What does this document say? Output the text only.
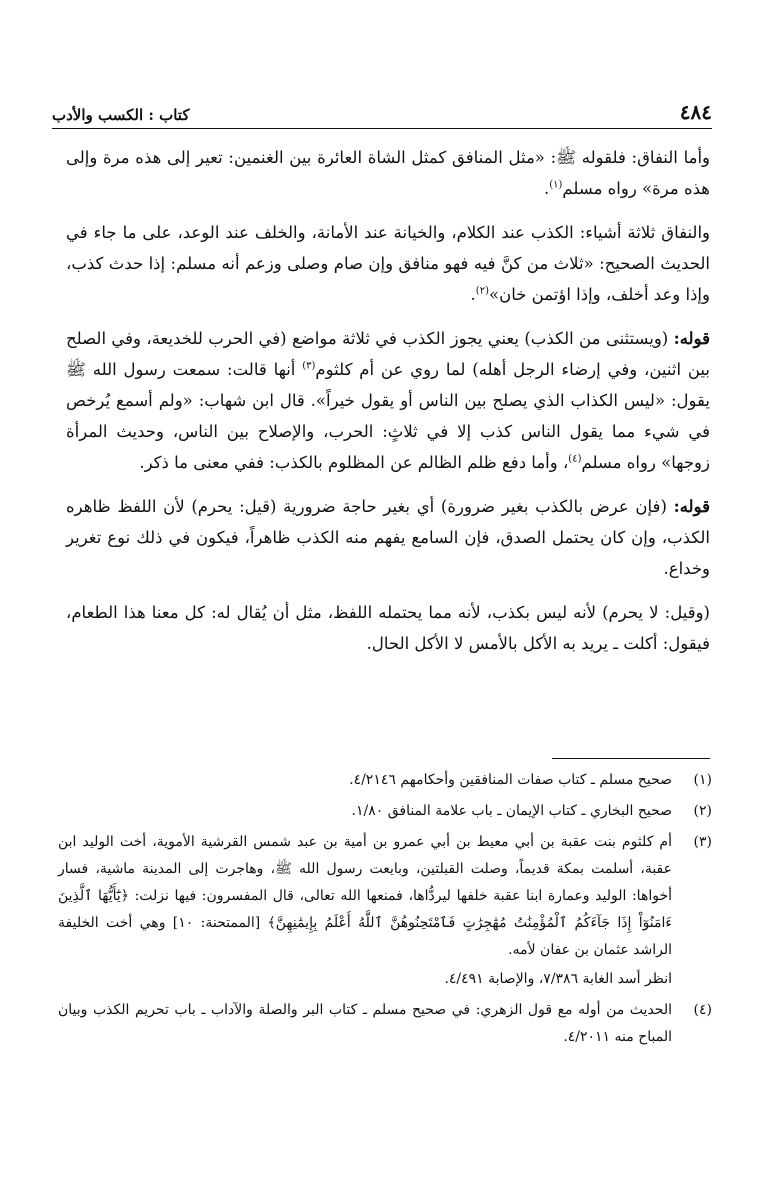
٤٨٤
كتاب : الكسب والأدب

وأما النفاق: فلقوله ﷺ: «مثل المنافق كمثل الشاة العائرة بين الغنمين: تعير إلى هذه مرة وإلى هذه مرة» رواه مسلم$^{(١)}$.

والنفاق ثلاثة أشياء: الكذب عند الكلام، والخيانة عند الأمانة، والخلف عند الوعد، على ما جاء في الحديث الصحيح: «ثلاث من كنَّ فيه فهو منافق وإن صام وصلى وزعم أنه مسلم: إذا حدث كذب، وإذا وعد أخلف، وإذا اؤتمن خان»$^{(٢)}$.

قوله: (ويستثنى من الكذب) يعني يجوز الكذب في ثلاثة مواضع (في الحرب للخديعة، وفي الصلح بين اثنين، وفي إرضاء الرجل أهله) لما روي عن أم كلثوم$^{(٣)}$ أنها قالت: سمعت رسول الله ﷺ يقول: «ليس الكذاب الذي يصلح بين الناس أو يقول خيراً». قال ابن شهاب: «ولم أسمع يُرخص في شيء مما يقول الناس كذب إلا في ثلاثٍ: الحرب، والإصلاح بين الناس، وحديث المرأة زوجها» رواه مسلم$^{(٤)}$، وأما دفع ظلم الظالم عن المظلوم بالكذب: ففي معنى ما ذكر.

قوله: (فإن عرض بالكذب بغير ضرورة) أي بغير حاجة ضرورية (قيل: يحرم) لأن اللفظ ظاهره الكذب، وإن كان يحتمل الصدق، فإن السامع يفهم منه الكذب ظاهراً، فيكون في ذلك نوع تغرير وخداع.

(وقيل: لا يحرم) لأنه ليس بكذب، لأنه مما يحتمله اللفظ، مثل أن يُقال له: كل معنا هذا الطعام، فيقول: أكلت ـ يريد به الأكل بالأمس لا الأكل الحال.

(١)
صحيح مسلم ـ كتاب صفات المنافقين وأحكامهم ٤/٢١٤٦.
(٢)
صحيح البخاري ـ كتاب الإيمان ـ باب علامة المنافق ١/٨٠.
(٣)
أم كلثوم بنت عقبة بن أبي معيط بن أبي عمرو بن أمية بن عبد شمس القرشية الأموية، أخت الوليد ابن عقبة، أسلمت بمكة قديماً، وصلت القبلتين، وبايعت رسول الله ﷺ، وهاجرت إلى المدينة ماشية، فسار أخواها: الوليد وعمارة ابنا عقبة خلفها ليردُّاها، فمنعها الله تعالى، قال المفسرون: فيها نزلت: ﴿يَٰٓأَيُّهَا ٱلَّذِينَ ءَامَنُوٓاْ إِذَا جَآءَكُمُ ٱلْمُؤْمِنَٰتُ مُهَٰجِرَٰتٍ فَٱمْتَحِنُوهُنَّ ٱللَّهُ أَعْلَمُ بِإِيمَٰنِهِنَّ﴾ [الممتحنة: ١٠] وهي أخت الخليفة الراشد عثمان بن عفان لأمه.
انظر أسد الغابة ٧/٣٨٦، والإصابة ٤/٤٩١.
(٤)
الحديث من أوله مع قول الزهري: في صحيح مسلم ـ كتاب البر والصلة والآداب ـ باب تحريم الكذب وبيان المباح منه ٤/٢٠١١.
